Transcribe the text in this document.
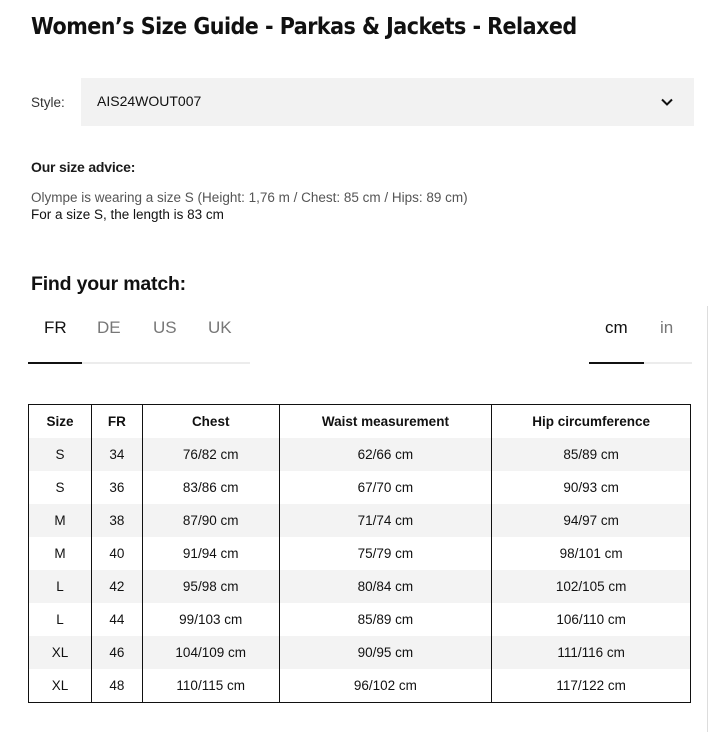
Women’s Size Guide - Parkas & Jackets - Relaxed
Style: AIS24WOUT007
Our size advice:
Olympe is wearing a size S (Height: 1,76 m / Chest: 85 cm / Hips: 89 cm)
For a size S, the length is 83 cm
Find your match:
FR DE US UK	cm in
Size	FR	Chest	Waist measurement	Hip circumference
S	34	76/82 cm	62/66 cm	85/89 cm
S	36	83/86 cm	67/70 cm	90/93 cm
M	38	87/90 cm	71/74 cm	94/97 cm
M	40	91/94 cm	75/79 cm	98/101 cm
L	42	95/98 cm	80/84 cm	102/105 cm
L	44	99/103 cm	85/89 cm	106/110 cm
XL	46	104/109 cm	90/95 cm	111/116 cm
XL	48	110/115 cm	96/102 cm	117/122 cm
